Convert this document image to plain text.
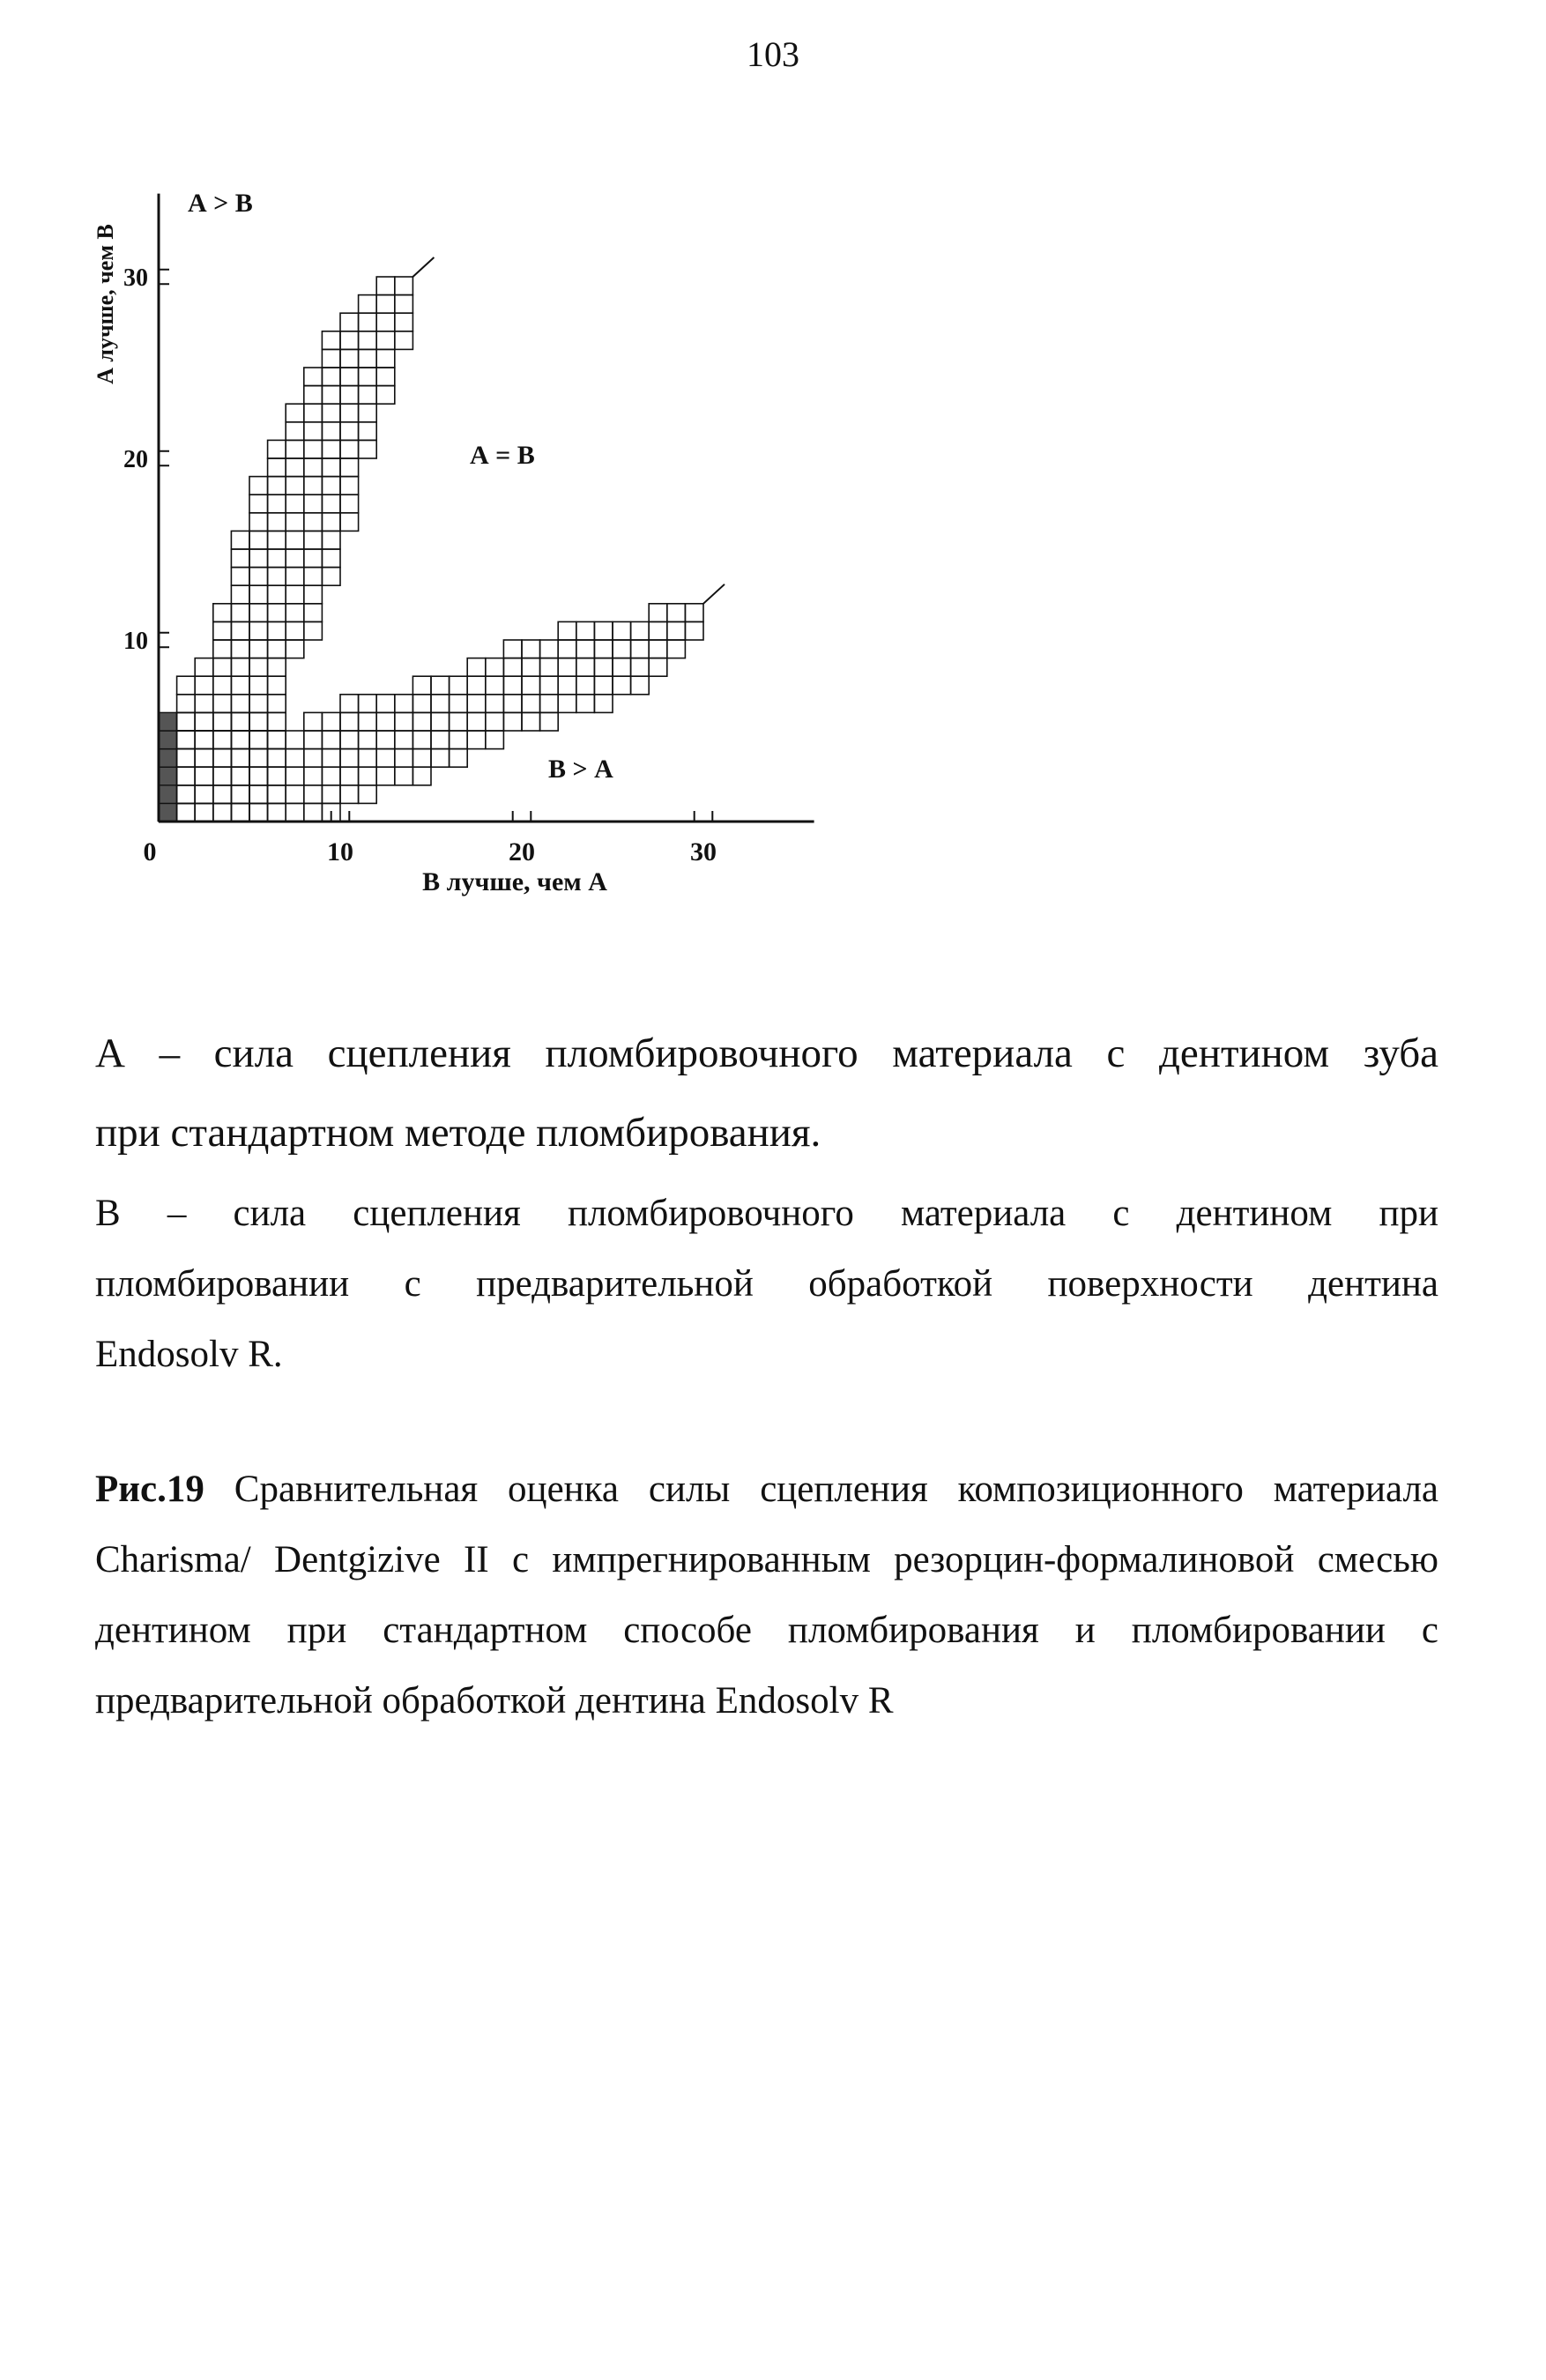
103
0	10	20	30
10
20
30
А > В
А = В
В > А
В лучше, чем А
А лучше, чем В

А – сила сцепления пломбировочного материала с дентином зуба
при стандартном методе пломбирования.

В – сила сцепления пломбировочного материала с дентином при
пломбировании с предварительной обработкой поверхности дентина
Endosolv R.

Рис.19 Сравнительная оценка силы сцепления композиционного материала
Charisma/ Dentgizive II с импрегнированным резорцин-формалиновой смесью
дентином при стандартном способе пломбирования и пломбировании с
предварительной обработкой дентина Endosolv R
